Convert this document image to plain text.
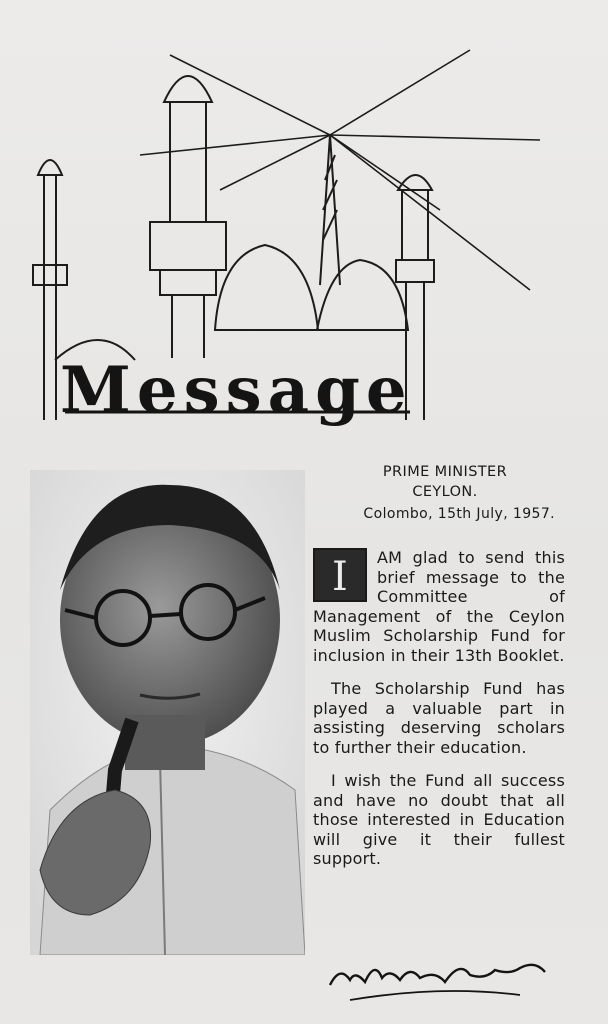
Message
PRIME MINISTER
CEYLON.
Colombo, 15th July, 1957.

I	AM glad to send this brief message to the Committee of Management of the Ceylon Muslim Scholarship Fund for inclusion in their 13th Booklet.

The Scholarship Fund has played a valuable part in assisting deserving scholars to further their education.

I wish the Fund all success and have no doubt that all those interested in Education will give it their fullest support.
